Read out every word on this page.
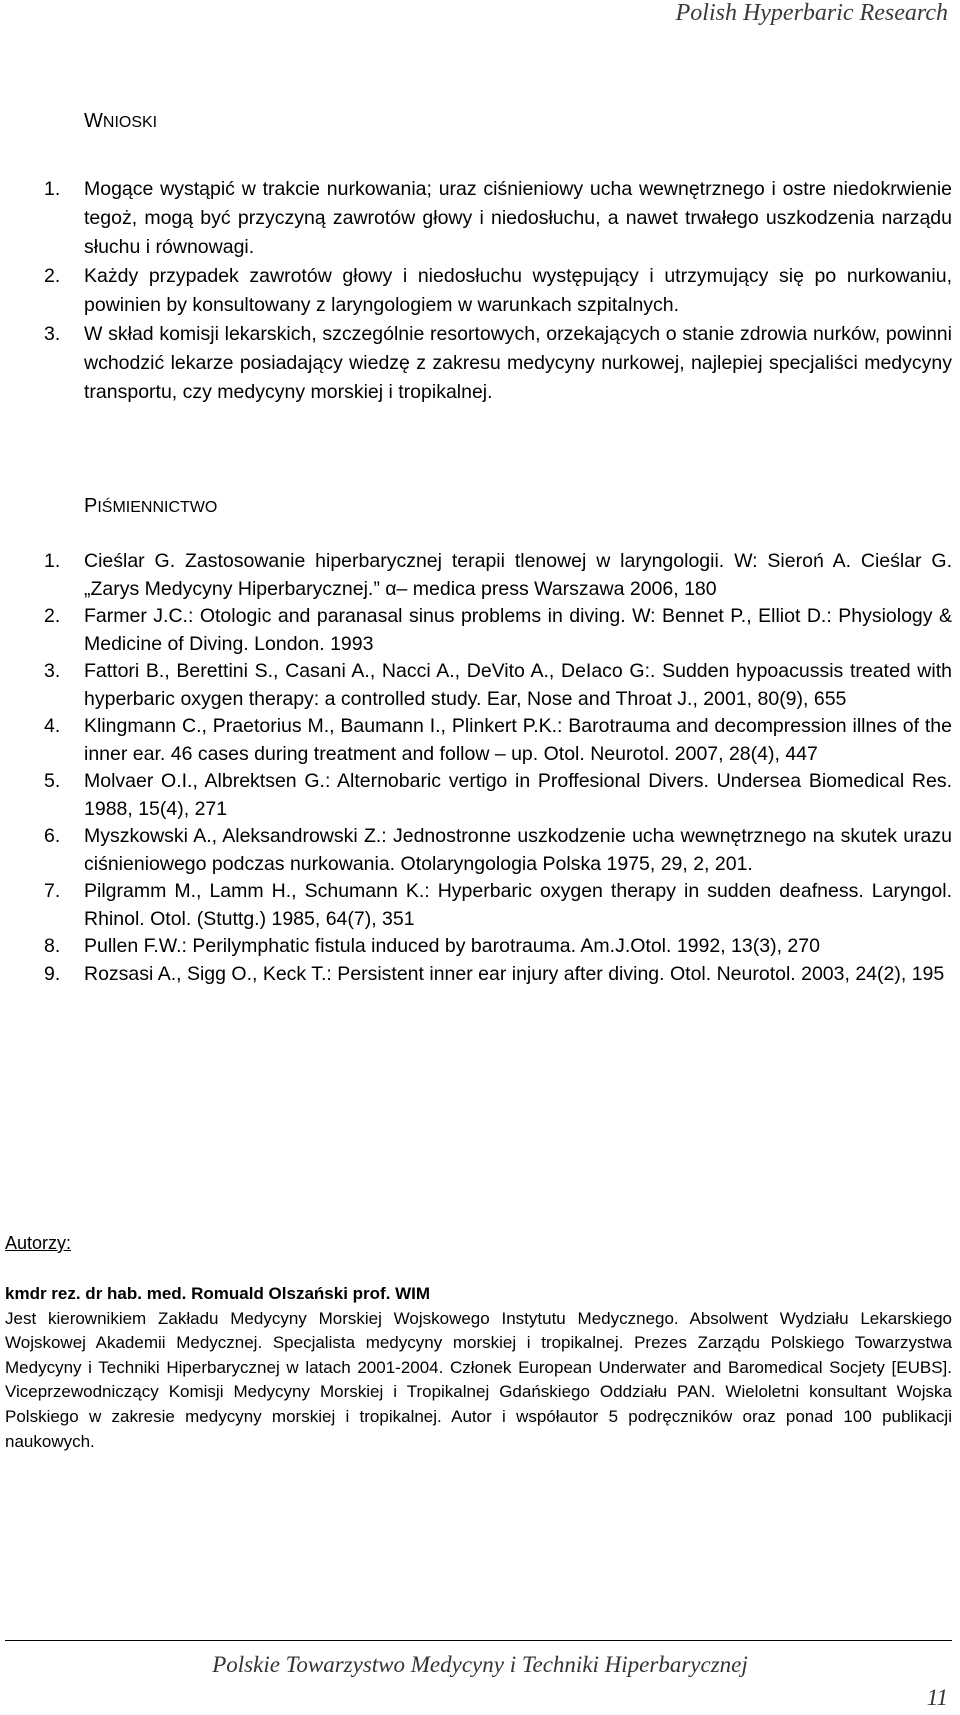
Polish Hyperbaric Research
WNIOSKI
1.	Mogące wystąpić w trakcie nurkowania; uraz ciśnieniowy ucha wewnętrznego i ostre niedokrwienie tegoż, mogą być przyczyną zawrotów głowy i niedosłuchu, a nawet trwałego uszkodzenia narządu słuchu i równowagi.
2.	Każdy przypadek zawrotów głowy i niedosłuchu występujący i utrzymujący się po nurkowaniu, powinien by konsultowany z laryngologiem w warunkach szpitalnych.
3.	W skład komisji lekarskich, szczególnie resortowych, orzekających o stanie zdrowia nurków, powinni wchodzić lekarze posiadający wiedzę z zakresu medycyny nurkowej, najlepiej specjaliści medycyny transportu, czy medycyny morskiej i tropikalnej.
PIŚMIENNICTWO
1.	Cieślar G. Zastosowanie hiperbarycznej terapii tlenowej w laryngologii. W: Sieroń A. Cieślar G. „Zarys Medycyny Hiperbarycznej.” α– medica press Warszawa 2006, 180
2.	Farmer J.C.: Otologic and paranasal sinus problems in diving. W: Bennet P., Elliot D.: Physiology & Medicine of Diving. London. 1993
3.	Fattori B., Berettini S., Casani A., Nacci A., DeVito A., DeIaco G:. Sudden hypoacussis treated with hyperbaric oxygen therapy: a controlled study. Ear, Nose and Throat J., 2001, 80(9), 655
4.	Klingmann C., Praetorius M., Baumann I., Plinkert P.K.: Barotrauma and decompression illnes of the inner ear. 46 cases during treatment and follow – up. Otol. Neurotol. 2007, 28(4), 447
5.	Molvaer O.I., Albrektsen G.: Alternobaric vertigo in Proffesional Divers. Undersea Biomedical Res. 1988, 15(4), 271
6.	Myszkowski A., Aleksandrowski Z.: Jednostronne uszkodzenie ucha wewnętrznego na skutek urazu ciśnieniowego podczas nurkowania. Otolaryngologia Polska 1975, 29, 2, 201.
7.	Pilgramm M., Lamm H., Schumann K.: Hyperbaric oxygen therapy in sudden deafness. Laryngol. Rhinol. Otol. (Stuttg.) 1985, 64(7), 351
8.	Pullen F.W.: Perilymphatic fistula induced by barotrauma. Am.J.Otol. 1992, 13(3), 270
9.	Rozsasi A., Sigg O., Keck T.: Persistent inner ear injury after diving. Otol. Neurotol. 2003, 24(2), 195
Autorzy:
kmdr rez. dr hab. med. Romuald Olszański prof. WIM
Jest kierownikiem Zakładu Medycyny Morskiej Wojskowego Instytutu Medycznego. Absolwent Wydziału Lekarskiego Wojskowej Akademii Medycznej. Specjalista medycyny morskiej i tropikalnej. Prezes Zarządu Polskiego Towarzystwa Medycyny i Techniki Hiperbarycznej w latach 2001-2004. Członek European Underwater and Baromedical Socjety [EUBS]. Viceprzewodniczący Komisji Medycyny Morskiej i Tropikalnej Gdańskiego Oddziału PAN. Wieloletni konsultant Wojska Polskiego w zakresie medycyny morskiej i tropikalnej. Autor i współautor 5 podręczników oraz ponad 100 publikacji naukowych.
Polskie Towarzystwo Medycyny i Techniki Hiperbarycznej
11
